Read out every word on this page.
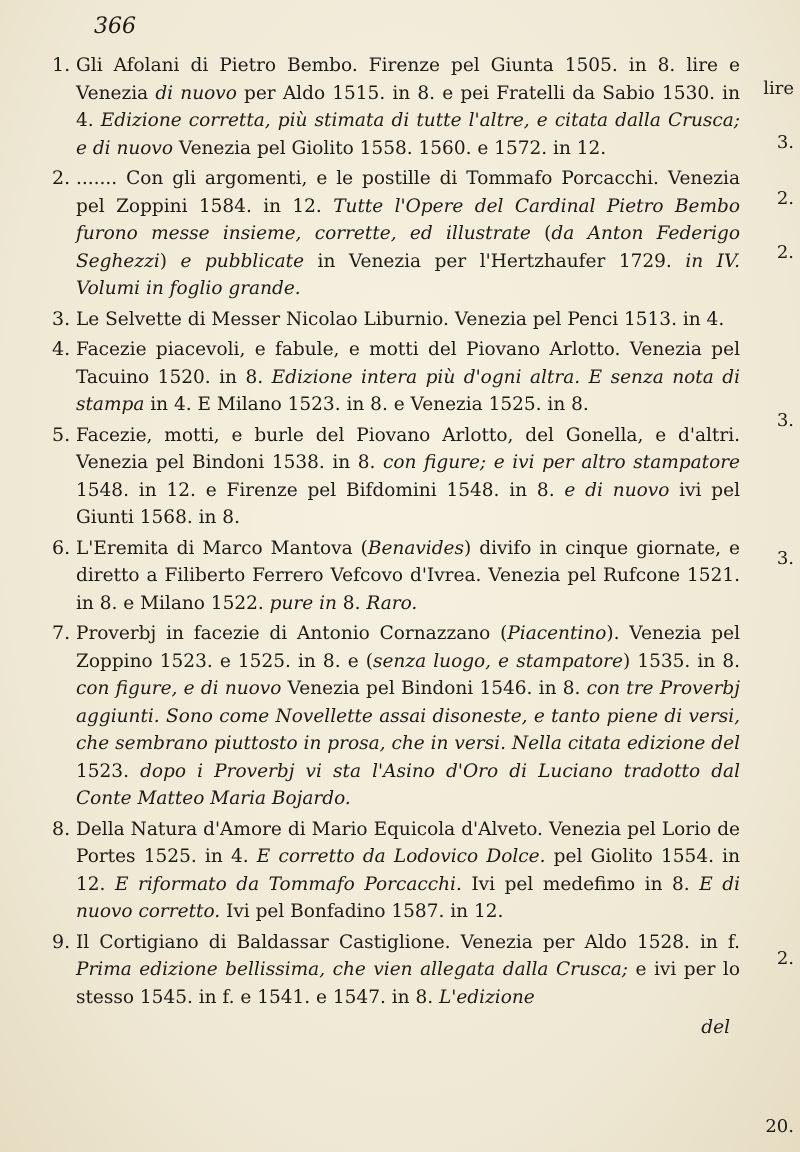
366
lire
3.
2.
2.
3.
3.
2.
20.
1. Gli Afolani di Pietro Bembo. Firenze pel Giunta 1505. in 8. lire e Venezia di nuovo per Aldo 1515. in 8. e pei Fratelli da Sabio 1530. in 4. Edizione corretta, più stimata di tutte l'altre, e citata dalla Crusca; e di nuovo Venezia pel Giolito 1558. 1560. e 1572. in 12.
2. ....... Con gli argomenti, e le postille di Tommafo Porcacchi. Venezia pel Zoppini 1584. in 12. Tutte l'Opere del Cardinal Pietro Bembo furono messe insieme, corrette, ed illustrate (da Anton Federigo Seghezzi) e pubblicate in Venezia per l'Hertzhaufer 1729. in IV. Volumi in foglio grande.
3. Le Selvette di Messer Nicolao Liburnio. Venezia pel Penci 1513. in 4.
4. Facezie piacevoli, e fabule, e motti del Piovano Arlotto. Venezia pel Tacuino 1520. in 8. Edizione intera più d'ogni altra. E senza nota di stampa in 4. E Milano 1523. in 8. e Venezia 1525. in 8.
5. Facezie, motti, e burle del Piovano Arlotto, del Gonella, e d'altri. Venezia pel Bindoni 1538. in 8. con figure; e ivi per altro stampatore 1548. in 12. e Firenze pel Bifdomini 1548. in 8. e di nuovo ivi pel Giunti 1568. in 8.
6. L'Eremita di Marco Mantova (Benavides) divifo in cinque giornate, e diretto a Filiberto Ferrero Vefcovo d'Ivrea. Venezia pel Rufcone 1521. in 8. e Milano 1522. pure in 8. Raro.
7. Proverbj in facezie di Antonio Cornazzano (Piacentino). Venezia pel Zoppino 1523. e 1525. in 8. e (senza luogo, e stampatore) 1535. in 8. con figure, e di nuovo Venezia pel Bindoni 1546. in 8. con tre Proverbj aggiunti. Sono come Novellette assai disoneste, e tanto piene di versi, che sembrano piuttosto in prosa, che in versi. Nella citata edizione del 1523. dopo i Proverbj vi sta l'Asino d'Oro di Luciano tradotto dal Conte Matteo Maria Bojardo.
8. Della Natura d'Amore di Mario Equicola d'Alveto. Venezia pel Lorio de Portes 1525. in 4. E corretto da Lodovico Dolce. pel Giolito 1554. in 12. E riformato da Tommafo Porcacchi. Ivi pel medefimo in 8. E di nuovo corretto. Ivi pel Bonfadino 1587. in 12.
9. Il Cortigiano di Baldassar Castiglione. Venezia per Aldo 1528. in f. Prima edizione bellissima, che vien allegata dalla Crusca; e ivi per lo stesso 1545. in f. e 1541. e 1547. in 8. L'edizione
del
